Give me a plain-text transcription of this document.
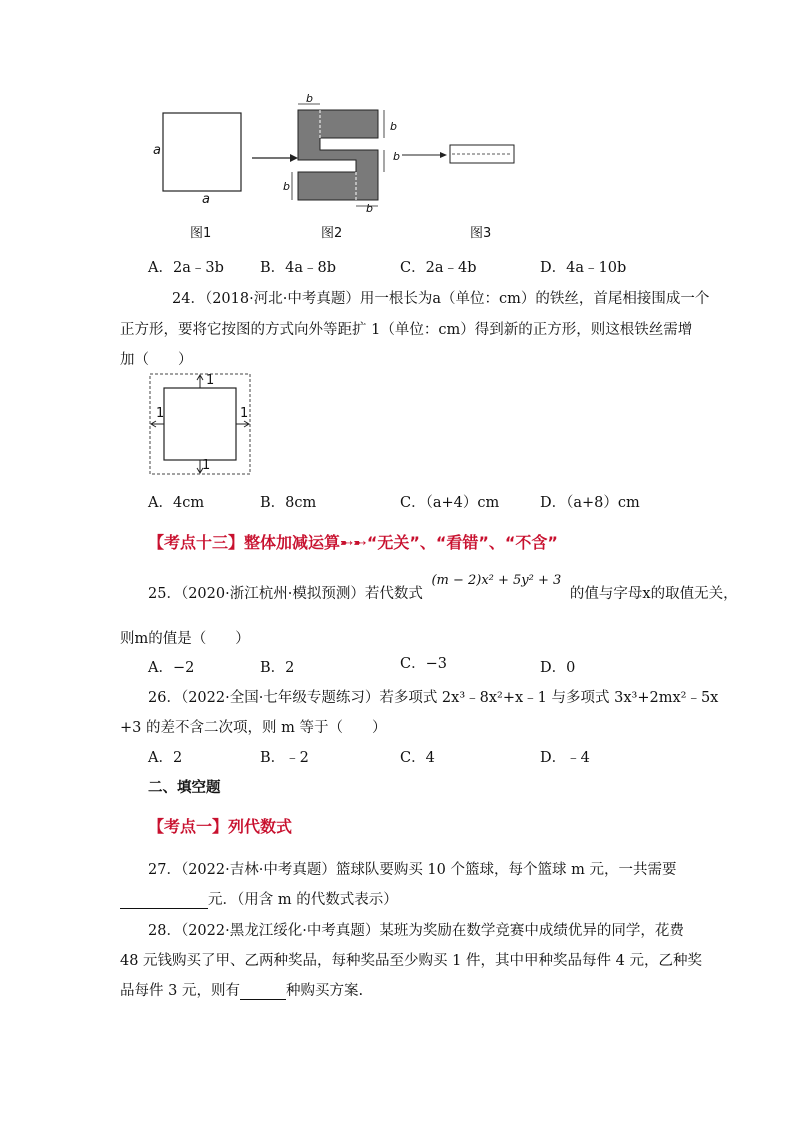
a
a
b
b
b
b
b
图1	图2	图3
A．2a﹣3b B．4a﹣8b	C．2a﹣4b	D．4a﹣10b
24．（2018·河北·中考真题）用一根长为a（单位：cm）的铁丝，首尾相接围成一个
正方形，要将它按图的方式向外等距扩 1（单位：cm）得到新的正方形，则这根铁丝需增
加（　　）
1
1	1
1
A．4cm	B．8cm	C．（a+4）cm	D．（a+8）cm
【考点十三】整体加减运算➸➸“无关”、“看错”、“不含”
25．（2020·浙江杭州·模拟预测）若代数式 (m − 2)x² + 5y² + 3 的值与字母x的取值无关，
则m的值是（　　）
A．−2	B．2	C．−3	D．0
26．（2022·全国·七年级专题练习）若多项式 2x³﹣8x²+x﹣1 与多项式 3x³+2mx²﹣5x
+3 的差不含二次项，则 m 等于（　　）
A．2	B．﹣2	C．4	D．﹣4
二、填空题
【考点一】列代数式
27．（2022·吉林·中考真题）篮球队要购买 10 个篮球，每个篮球 m 元，一共需要
元．（用含 m 的代数式表示）
28．（2022·黑龙江绥化·中考真题）某班为奖励在数学竞赛中成绩优异的同学，花费
48 元钱购买了甲、乙两种奖品，每种奖品至少购买 1 件，其中甲种奖品每件 4 元，乙种奖
品每件 3 元，则有	种购买方案.
